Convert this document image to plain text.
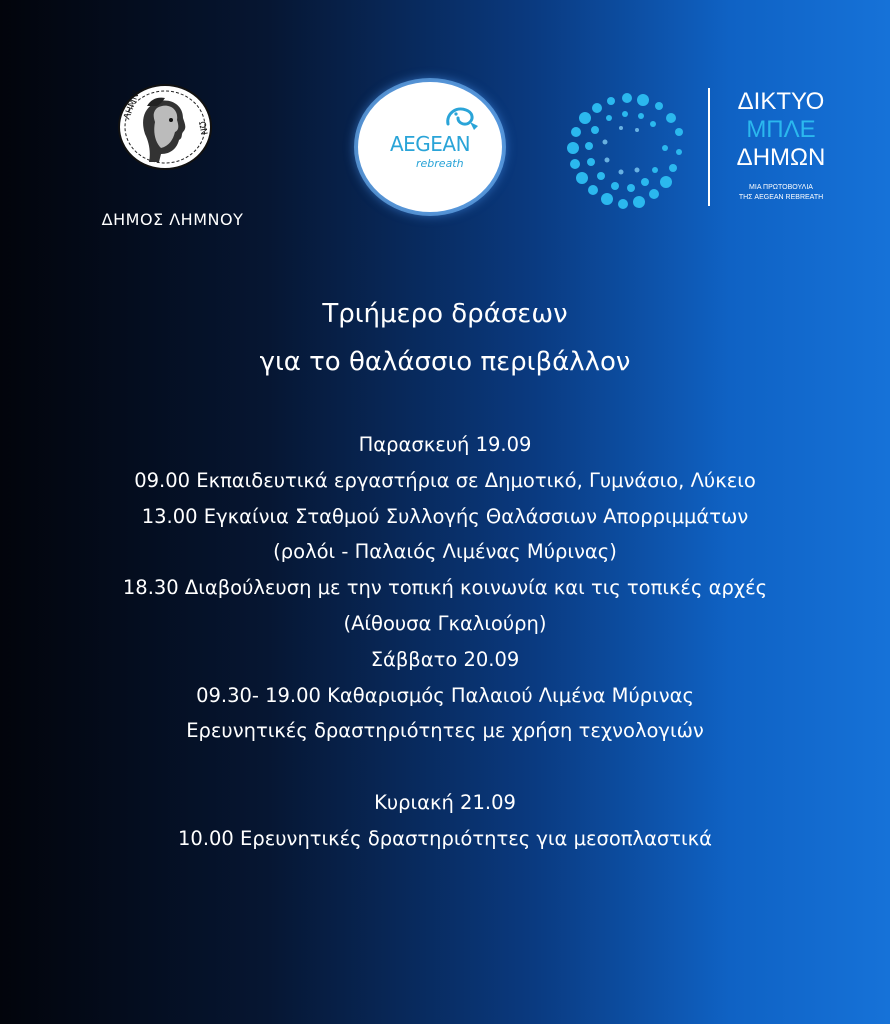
ΛΗΜΝΙ
ΩΝ
ΔΗΜΟΣ ΛΗΜΝΟΥ
AEGEAN
rebreath
ΔΙΚΤΥΟ
ΜΠΛΕ
ΔΗΜΩΝ
ΜΙΑ ΠΡΩΤΟΒΟΥΛΙΑ
ΤΗΣ AEGEAN REBREATH
Τριήμερο δράσεων
για το θαλάσσιο περιβάλλον
Παρασκευή 19.09
09.00 Εκπαιδευτικά εργαστήρια σε Δημοτικό, Γυμνάσιο, Λύκειο
13.00 Εγκαίνια Σταθμού Συλλογής Θαλάσσιων Απορριμμάτων
(ρολόι - Παλαιός Λιμένας Μύρινας)
18.30 Διαβούλευση με την τοπική κοινωνία και τις τοπικές αρχές
(Αίθουσα Γκαλιούρη)
Σάββατο 20.09
09.30- 19.00 Καθαρισμός Παλαιού Λιμένα Μύρινας
Ερευνητικές δραστηριότητες με χρήση τεχνολογιών
Κυριακή 21.09
10.00 Ερευνητικές δραστηριότητες για μεσοπλαστικά
